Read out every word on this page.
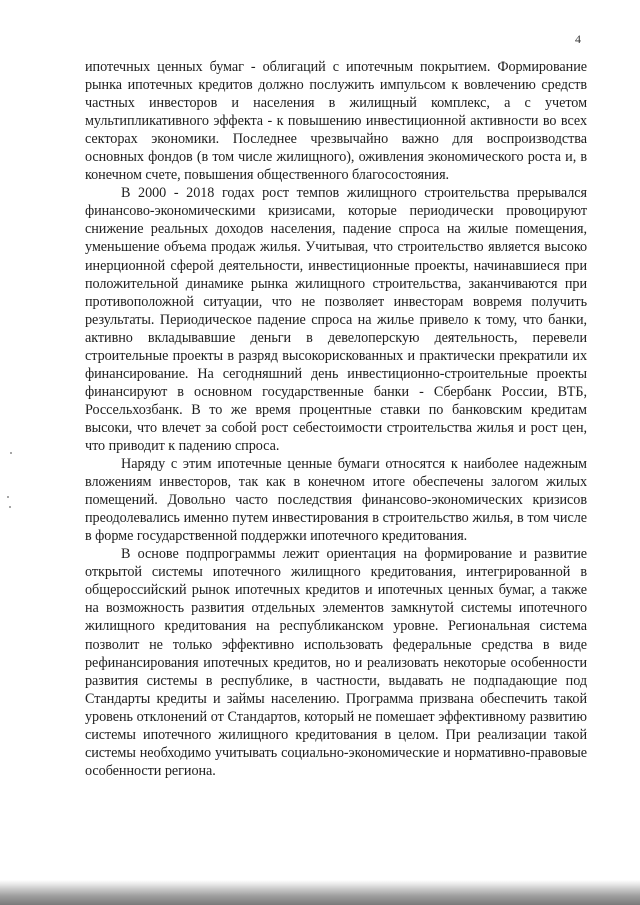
4

ипотечных ценных бумаг - облигаций с ипотечным покрытием. Формирование рынка ипотечных кредитов должно послужить импульсом к вовлечению средств частных инвесторов и населения в жилищный комплекс, а с учетом мультипликативного эффекта - к повышению инвестиционной активности во всех секторах экономики. Последнее чрезвычайно важно для воспроизводства основных фондов (в том числе жилищного), оживления экономического роста и, в конечном счете, повышения общественного благосостояния.

В 2000 - 2018 годах рост темпов жилищного строительства прерывался финансово-экономическими кризисами, которые периодически провоцируют снижение реальных доходов населения, падение спроса на жилые помещения, уменьшение объема продаж жилья. Учитывая, что строительство является высоко инерционной сферой деятельности, инвестиционные проекты, начинавшиеся при положительной динамике рынка жилищного строительства, заканчиваются при противоположной ситуации, что не позволяет инвесторам вовремя получить результаты. Периодическое падение спроса на жилье привело к тому, что банки, активно вкладывавшие деньги в девелоперскую деятельность, перевели строительные проекты в разряд высокорискованных и практически прекратили их финансирование. На сегодняшний день инвестиционно-строительные проекты финансируют в основном государственные банки - Сбербанк России, ВТБ, Россельхозбанк. В то же время процентные ставки по банковским кредитам высоки, что влечет за собой рост себестоимости строительства жилья и рост цен, что приводит к падению спроса.

Наряду с этим ипотечные ценные бумаги относятся к наиболее надежным вложениям инвесторов, так как в конечном итоге обеспечены залогом жилых помещений. Довольно часто последствия финансово-экономических кризисов преодолевались именно путем инвестирования в строительство жилья, в том числе в форме государственной поддержки ипотечного кредитования.

В основе подпрограммы лежит ориентация на формирование и развитие открытой системы ипотечного жилищного кредитования, интегрированной в общероссийский рынок ипотечных кредитов и ипотечных ценных бумаг, а также на возможность развития отдельных элементов замкнутой системы ипотечного жилищного кредитования на республиканском уровне. Региональная система позволит не только эффективно использовать федеральные средства в виде рефинансирования ипотечных кредитов, но и реализовать некоторые особенности развития системы в республике, в частности, выдавать не подпадающие под Стандарты кредиты и займы населению. Программа призвана обеспечить такой уровень отклонений от Стандартов, который не помешает эффективному развитию системы ипотечного жилищного кредитования в целом. При реализации такой системы необходимо учитывать социально-экономические и нормативно-правовые особенности региона.
